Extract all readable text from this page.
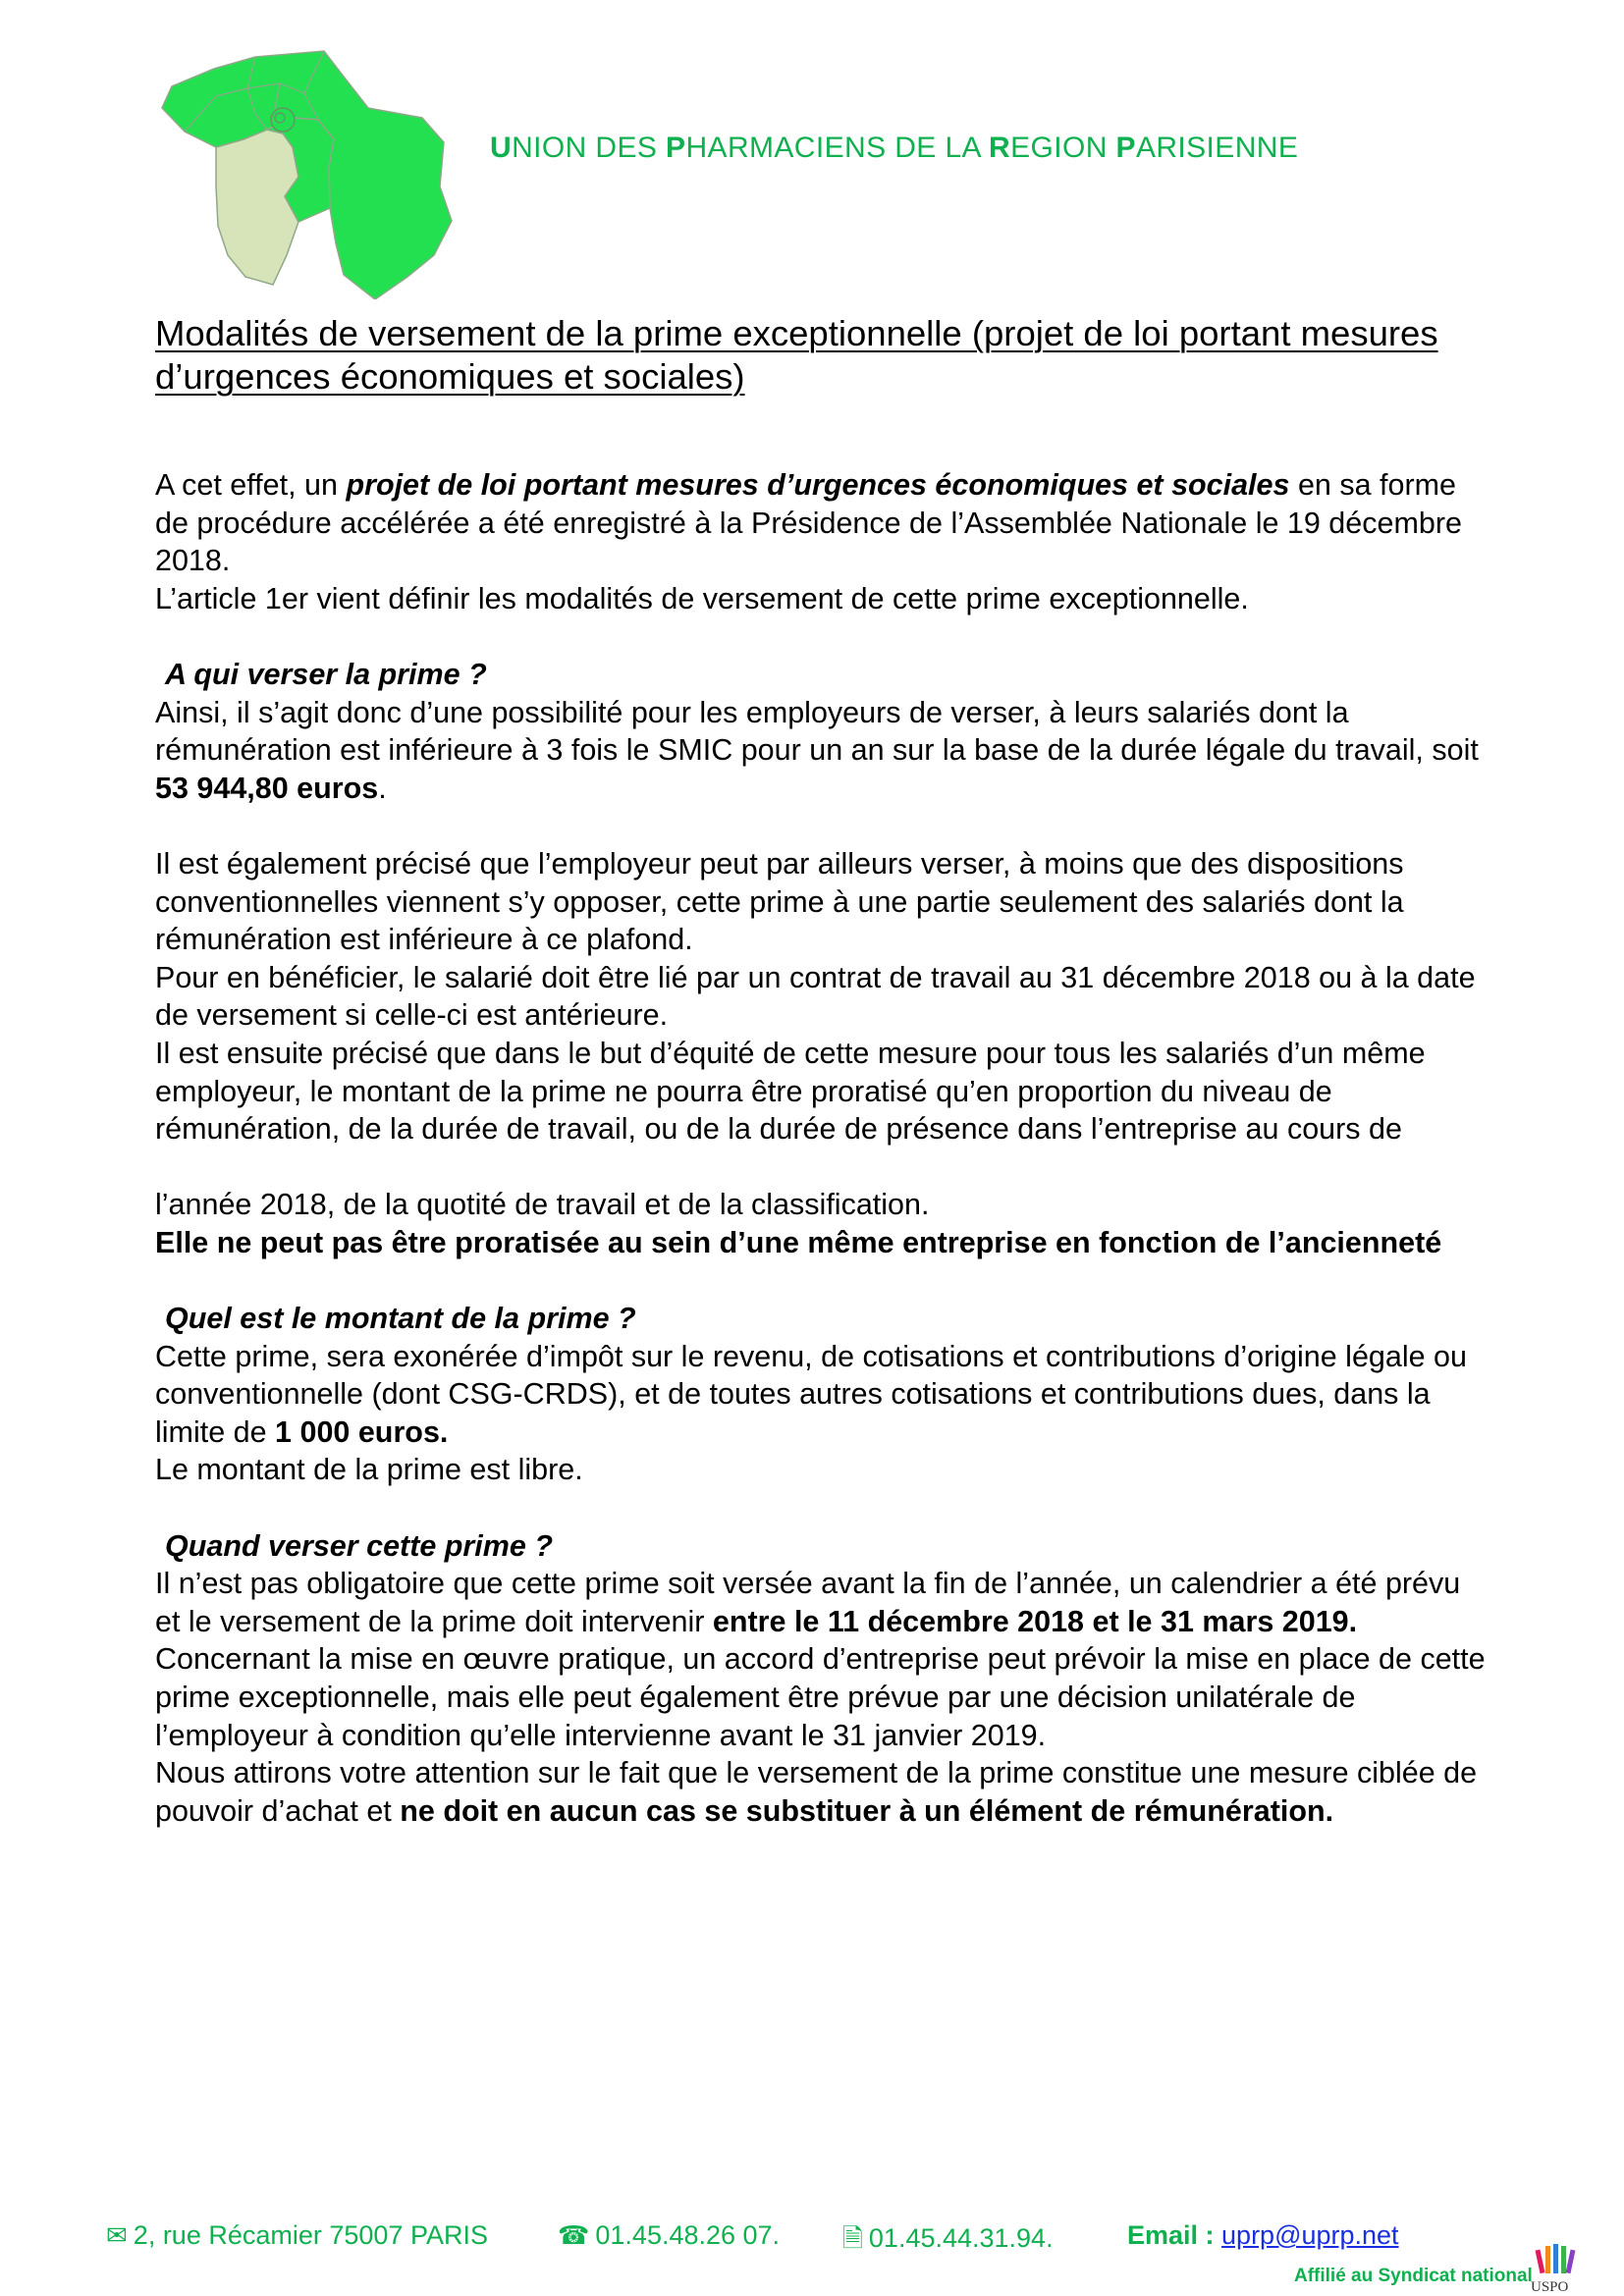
UNION DES PHARMACIENS DE LA REGION PARISIENNE
Modalités de versement de la prime exceptionnelle (projet de loi portant mesures d’urgences économiques et sociales)

A cet effet, un projet de loi portant mesures d’urgences économiques et sociales en sa forme de procédure accélérée a été enregistré à la Présidence de l’Assemblée Nationale le 19 décembre 2018.

L’article 1er vient définir les modalités de versement de cette prime exceptionnelle.

A qui verser la prime ?

Ainsi, il s’agit donc d’une possibilité pour les employeurs de verser, à leurs salariés dont la rémunération est inférieure à 3 fois le SMIC pour un an sur la base de la durée légale du travail, soit 53 944,80 euros.

Il est également précisé que l’employeur peut par ailleurs verser, à moins que des dispositions conventionnelles viennent s’y opposer, cette prime à une partie seulement des salariés dont la rémunération est inférieure à ce plafond.

Pour en bénéficier, le salarié doit être lié par un contrat de travail au 31 décembre 2018 ou à la date de versement si celle-ci est antérieure.

Il est ensuite précisé que dans le but d’équité de cette mesure pour tous les salariés d’un même employeur, le montant de la prime ne pourra être proratisé qu’en proportion du niveau de rémunération, de la durée de travail, ou de la durée de présence dans l’entreprise au cours de

l’année 2018, de la quotité de travail et de la classification.

Elle ne peut pas être proratisée au sein d’une même entreprise en fonction de l’ancienneté

Quel est le montant de la prime ?

Cette prime, sera exonérée d’impôt sur le revenu, de cotisations et contributions d’origine légale ou conventionnelle (dont CSG-CRDS), et de toutes autres cotisations et contributions dues, dans la limite de 1 000 euros.

Le montant de la prime est libre.

Quand verser cette prime ?

Il n’est pas obligatoire que cette prime soit versée avant la fin de l’année, un calendrier a été prévu et le versement de la prime doit intervenir entre le 11 décembre 2018 et le 31 mars 2019.

Concernant la mise en œuvre pratique, un accord d’entreprise peut prévoir la mise en place de cette prime exceptionnelle, mais elle peut également être prévue par une décision unilatérale de l’employeur à condition qu’elle intervienne avant le 31 janvier 2019.

Nous attirons votre attention sur le fait que le versement de la prime constitue une mesure ciblée de pouvoir d’achat et ne doit en aucun cas se substituer à un élément de rémunération.

✉ 2, rue Récamier 75007 PARIS	☎ 01.45.48.26 07. 🗎 01.45.44.31.94.	Email : uprp@uprp.net
Affilié au Syndicat national
USPO
